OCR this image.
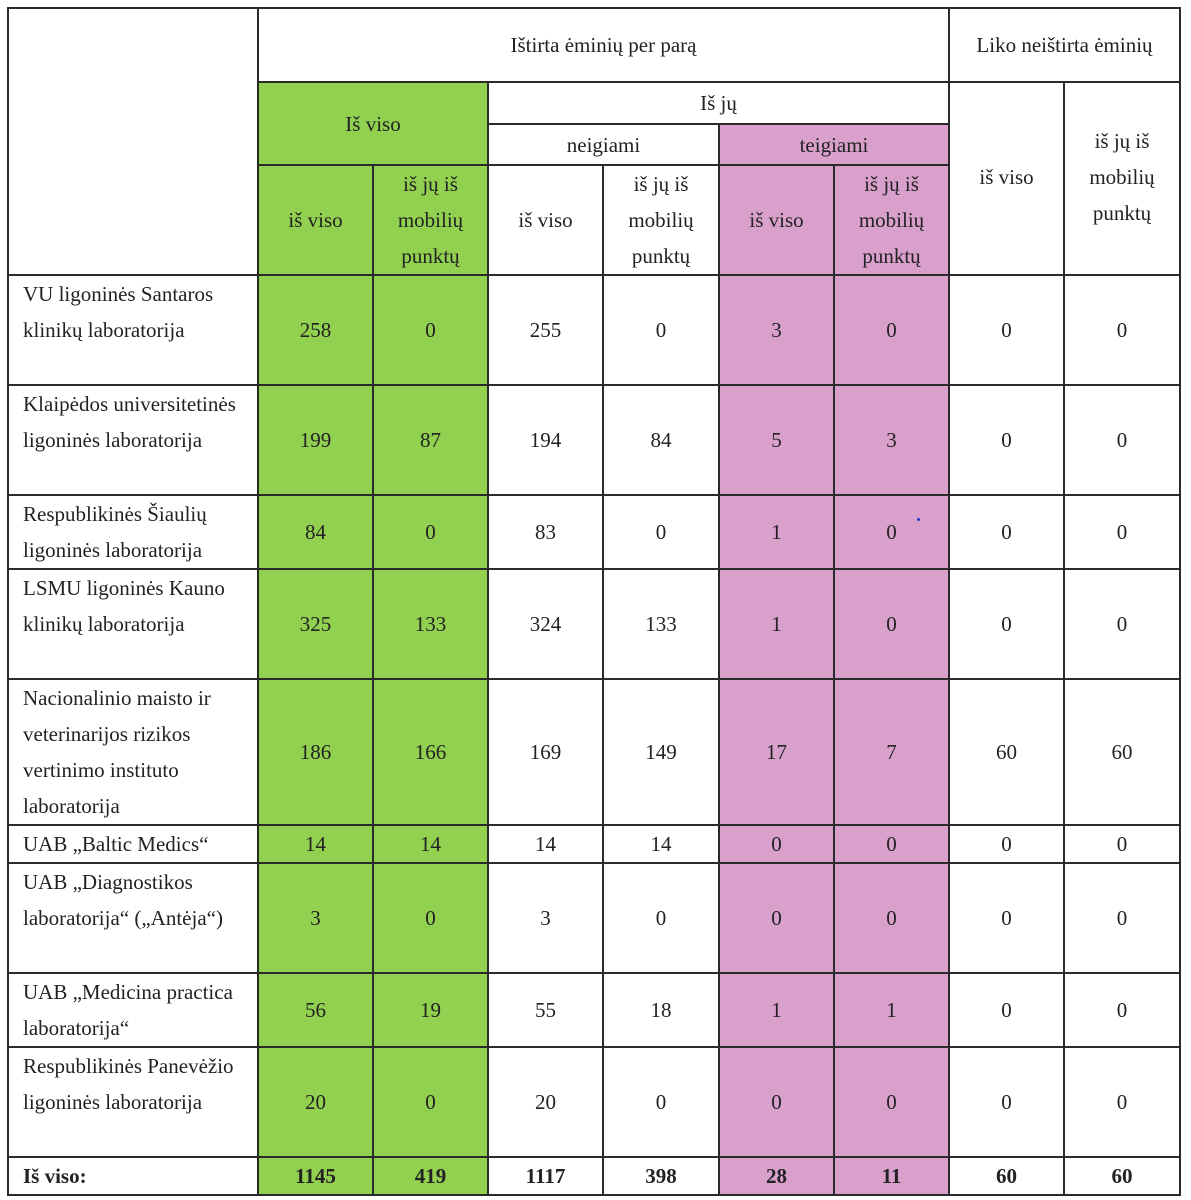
	Ištirta ėminių per parą						Liko neištirta ėminių	
	Iš viso		Iš jų				iš viso	iš jų iš mobilių punktų
			neigiami		teigiami			
	iš viso	iš jų iš mobilių punktų	iš viso	iš jų iš mobilių punktų	iš viso	iš jų iš mobilių punktų		
VU ligoninės Santaros klinikų laboratorija	258	0	255	0	3	0	0	0
Klaipėdos universitetinės ligoninės laboratorija	199	87	194	84	5	3	0	0
Respublikinės Šiaulių ligoninės laboratorija	84	0	83	0	1	0	0	0
LSMU ligoninės Kauno klinikų laboratorija	325	133	324	133	1	0	0	0
Nacionalinio maisto ir veterinarijos rizikos vertinimo instituto laboratorija	186	166	169	149	17	7	60	60
UAB „Baltic Medics“	14	14	14	14	0	0	0	0
UAB „Diagnostikos laboratorija“ („Antėja“)	3	0	3	0	0	0	0	0
UAB „Medicina practica laboratorija“	56	19	55	18	1	1	0	0
Respublikinės Panevėžio ligoninės laboratorija	20	0	20	0	0	0	0	0
Iš viso:	1145	419	1117	398	28	11	60	60
